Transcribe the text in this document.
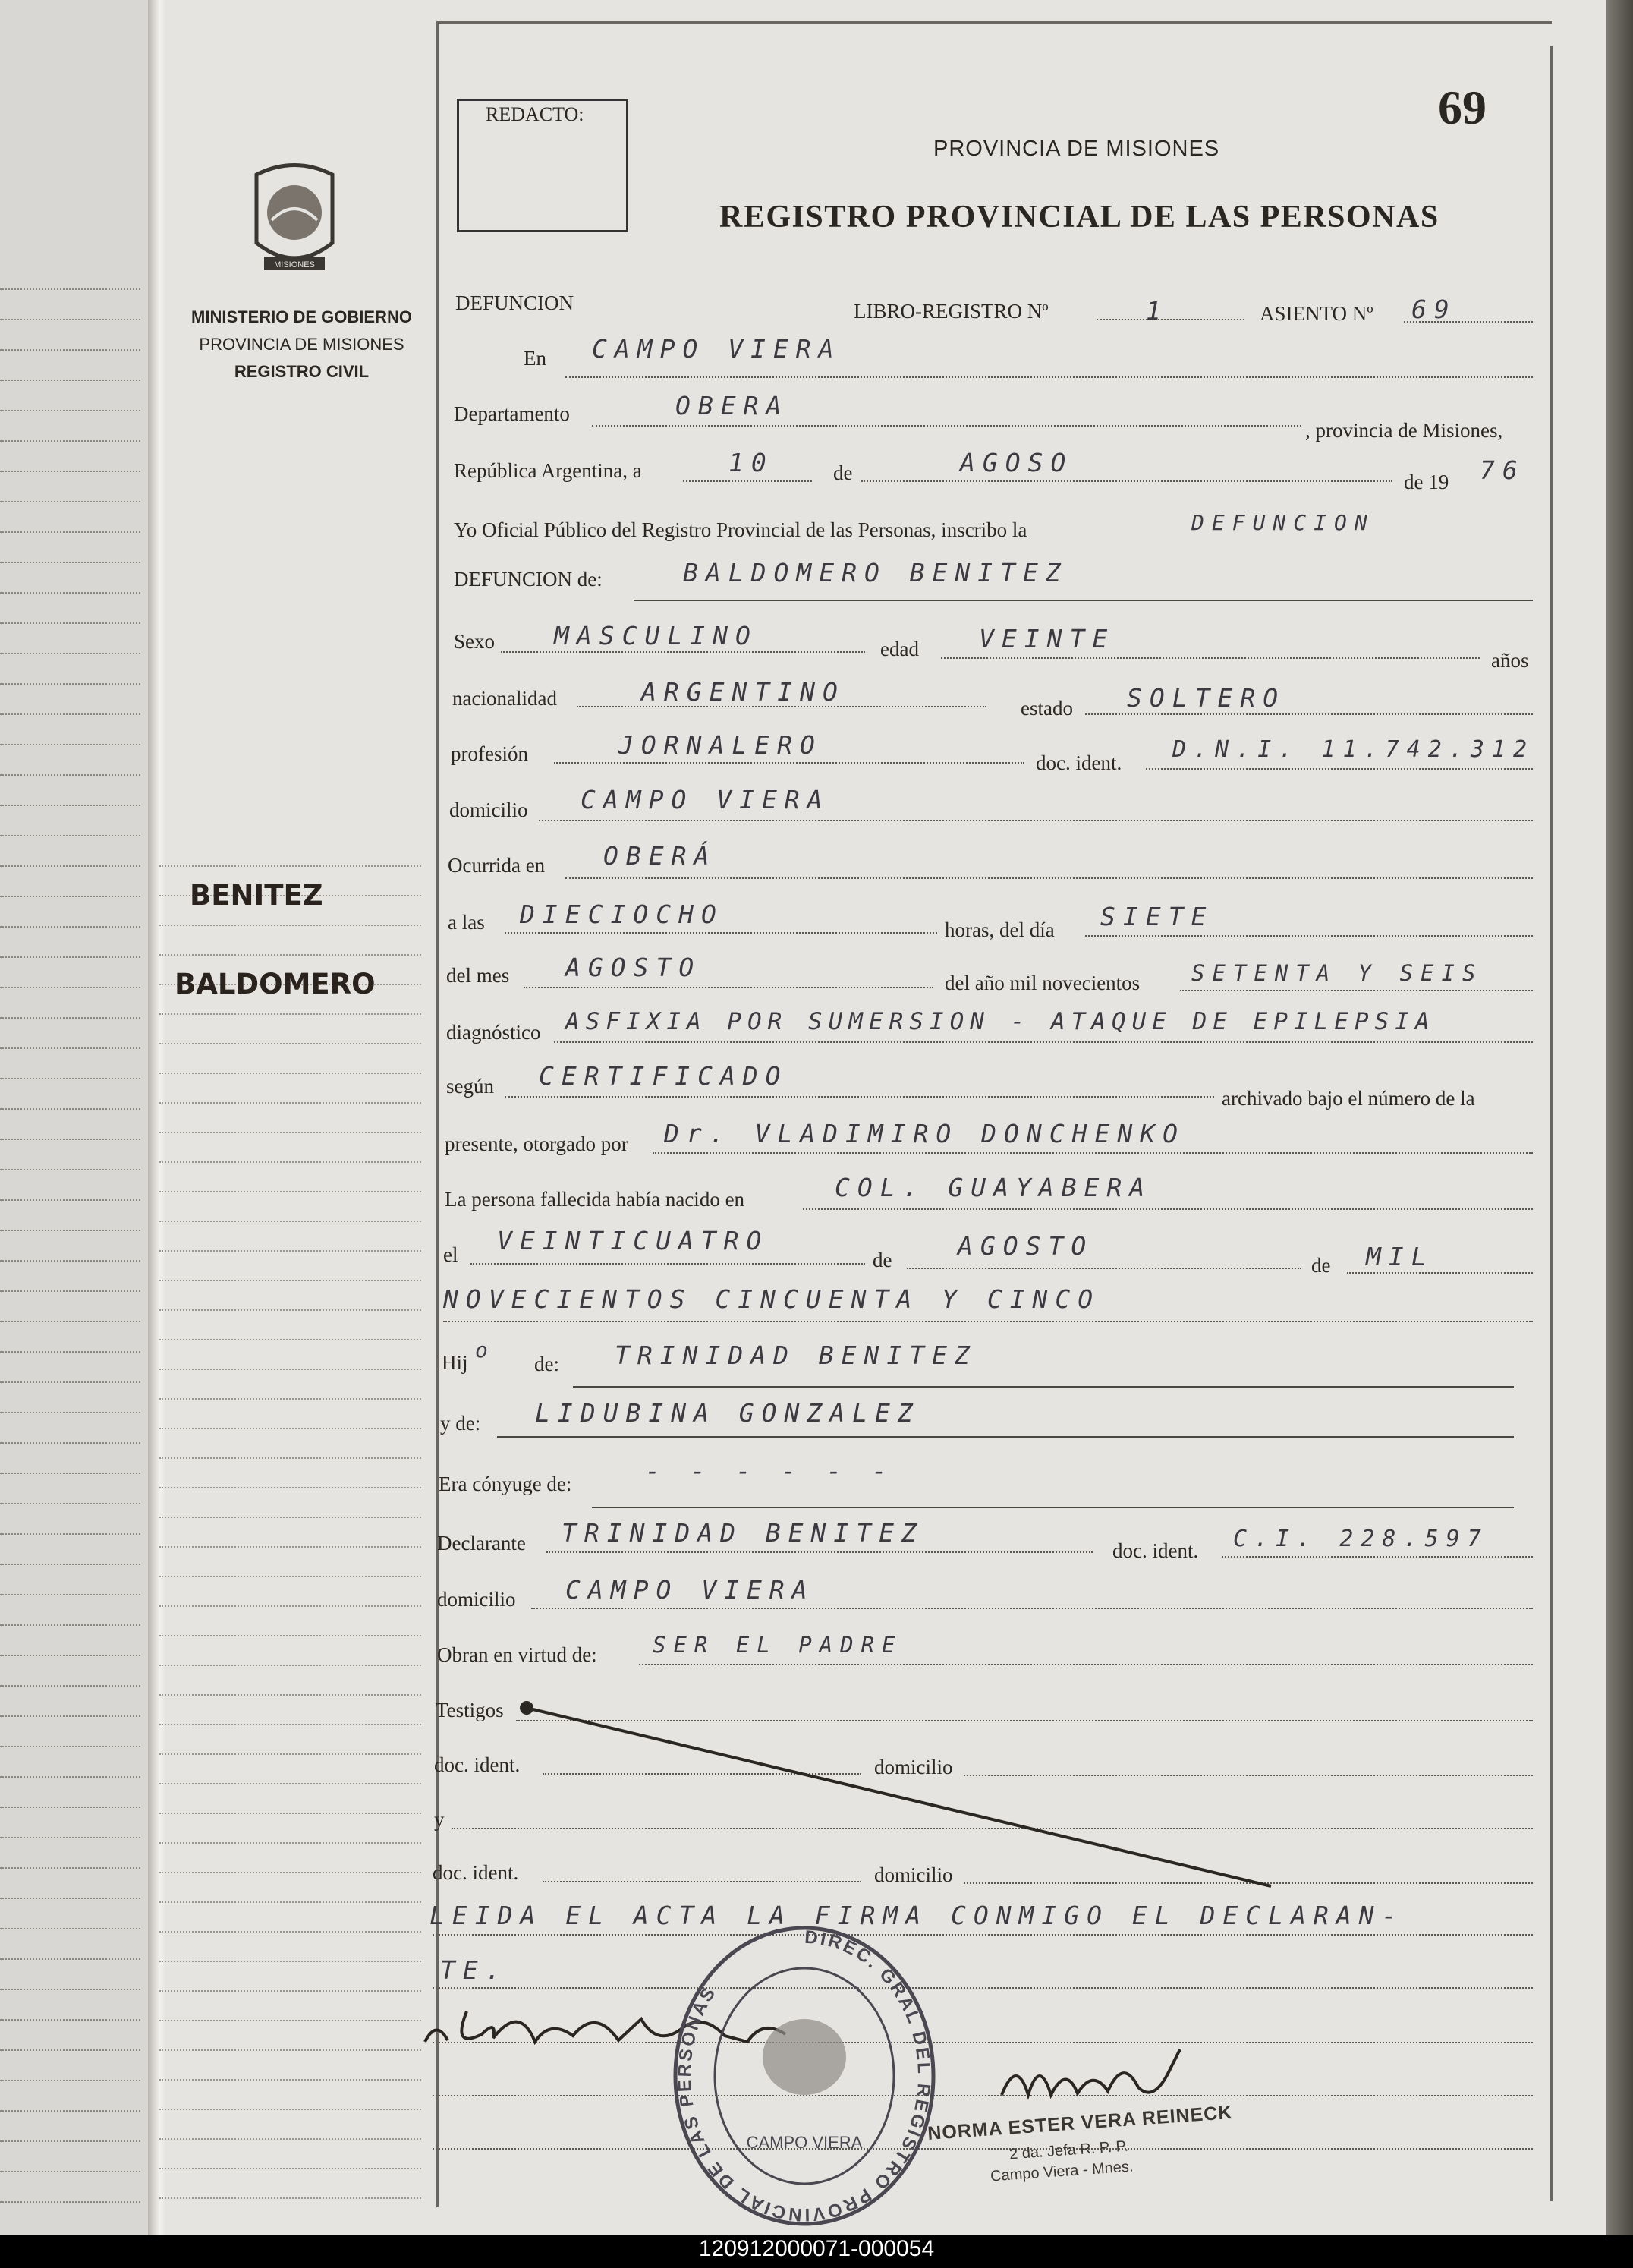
REDACTO:	69
PROVINCIA DE MISIONES
REGISTRO PROVINCIAL DE LAS PERSONAS
MISIONES
MINISTERIO DE GOBIERNO
PROVINCIA DE MISIONES
REGISTRO CIVIL
BENITEZ
BALDOMERO
DEFUNCION	LIBRO-REGISTRO Nº	1	ASIENTO Nº 69
En CAMPO VIERA
Departamento	OBERA
, provincia de Misiones,
República Argentina, a	10	de	AGOSO
de 19 76
Yo Oficial Público del Registro Provincial de las Personas, inscribo la	DEFUNCION
DEFUNCION de:	BALDOMERO BENITEZ
Sexo MASCULINO	edad VEINTE
años
nacionalidad	ARGENTINO
estado SOLTERO
profesión	JORNALERO
doc. ident. D.N.I. 11.742.312
domicilio CAMPO VIERA
Ocurrida en OBERÁ
a las DIECIOCHO
horas, del día SIETE
del mes AGOSTO
del año mil novecientos SETENTA Y SEIS
diagnóstico ASFIXIA POR SUMERSION - ATAQUE DE EPILEPSIA
según CERTIFICADO
archivado bajo el número de la
presente, otorgado por Dr. VLADIMIRO DONCHENKO
La persona fallecida había nacido en	COL. GUAYABERA
el VEINTICUATRO
de	AGOSTO
de MIL
NOVECIENTOS CINCUENTA Y CINCO
Hij o
de: TRINIDAD BENITEZ
y de: LIDUBINA GONZALEZ
Era cónyuge de:	- - - - - -
Declarante TRINIDAD BENITEZ
doc. ident. C.I. 228.597
domicilio CAMPO VIERA
Obran en virtud de:	SER EL PADRE
Testigos
doc. ident.	domicilio
y
doc. ident.	domicilio
LEIDA EL ACTA LA FIRMA CONMIGO EL DECLARAN-
TE.
NORMA ESTER VERA REINECK
2 da. Jefa R. P. P.
Campo Viera - Mnes.
DIREC. GRAL DEL REGISTRO PROVINCIAL DE LAS PERSONAS
CAMPO VIERA
120912000071-000054
